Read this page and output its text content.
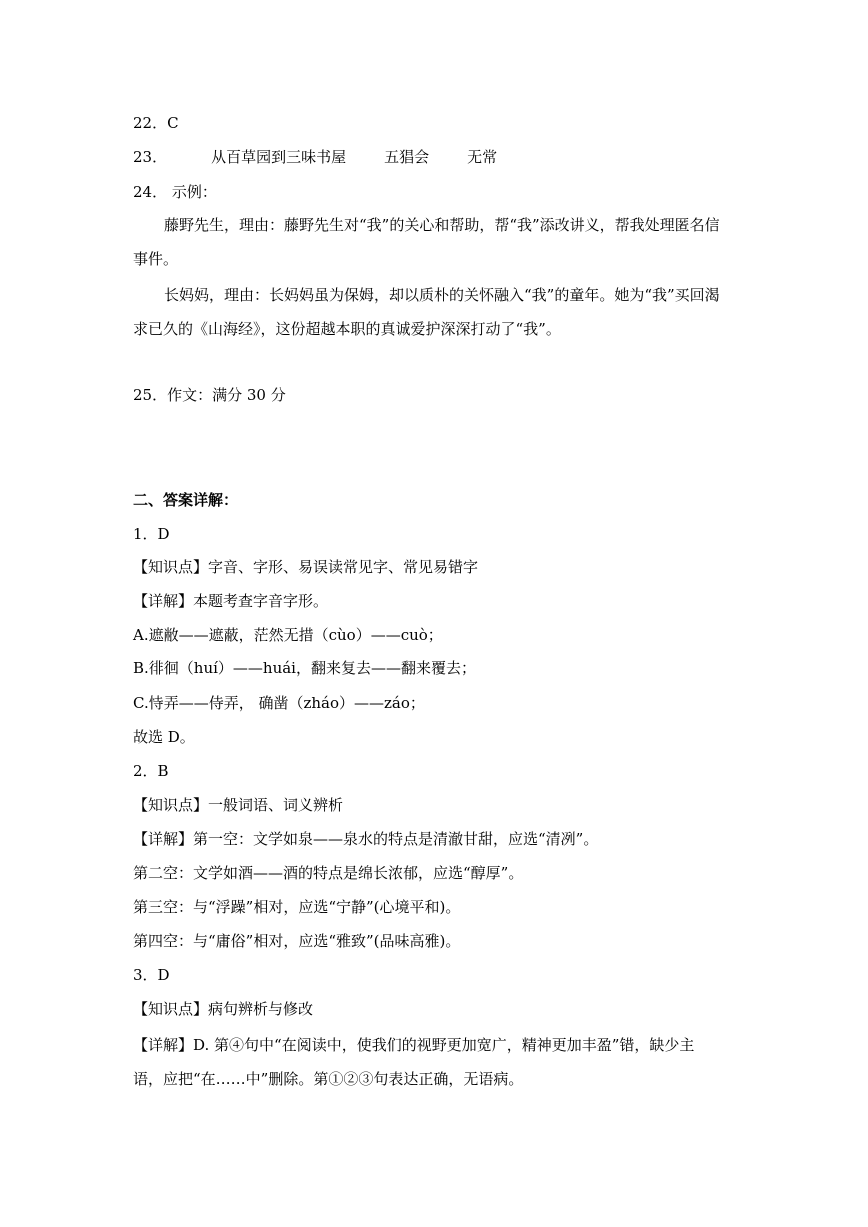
22．C
23．	从百草园到三味书屋	五猖会	无常
24． 示例：
藤野先生，理由：藤野先生对“我”的关心和帮助，帮“我”添改讲义，帮我处理匿名信
事件。
长妈妈，理由：长妈妈虽为保姆，却以质朴的关怀融入“我”的童年。她为“我”买回渴
求已久的《山海经》，这份超越本职的真诚爱护深深打动了“我”。
25．作文：满分 30 分
二、答案详解：
1．D
【知识点】字音、字形、易误读常见字、常见易错字
【详解】本题考查字音字形。
A.遮敝——遮蔽，茫然无措（cùo）——cuò；
B.徘徊（huí）——huái，翻来复去——翻来覆去；
C.恃弄——侍弄， 确凿（zháo）——záo；
故选 D。
2．B
【知识点】一般词语、词义辨析
【详解】第一空：文学如泉——泉水的特点是清澈甘甜，应选“清冽”。
第二空：文学如酒——酒的特点是绵长浓郁，应选“醇厚”。
第三空：与“浮躁”相对，应选“宁静”(心境平和)。
第四空：与“庸俗”相对，应选“雅致”(品味高雅)。
3．D
【知识点】病句辨析与修改
【详解】D. 第④句中“在阅读中，使我们的视野更加宽广，精神更加丰盈”错，缺少主
语，应把“在……中”删除。第①②③句表达正确，无语病。
